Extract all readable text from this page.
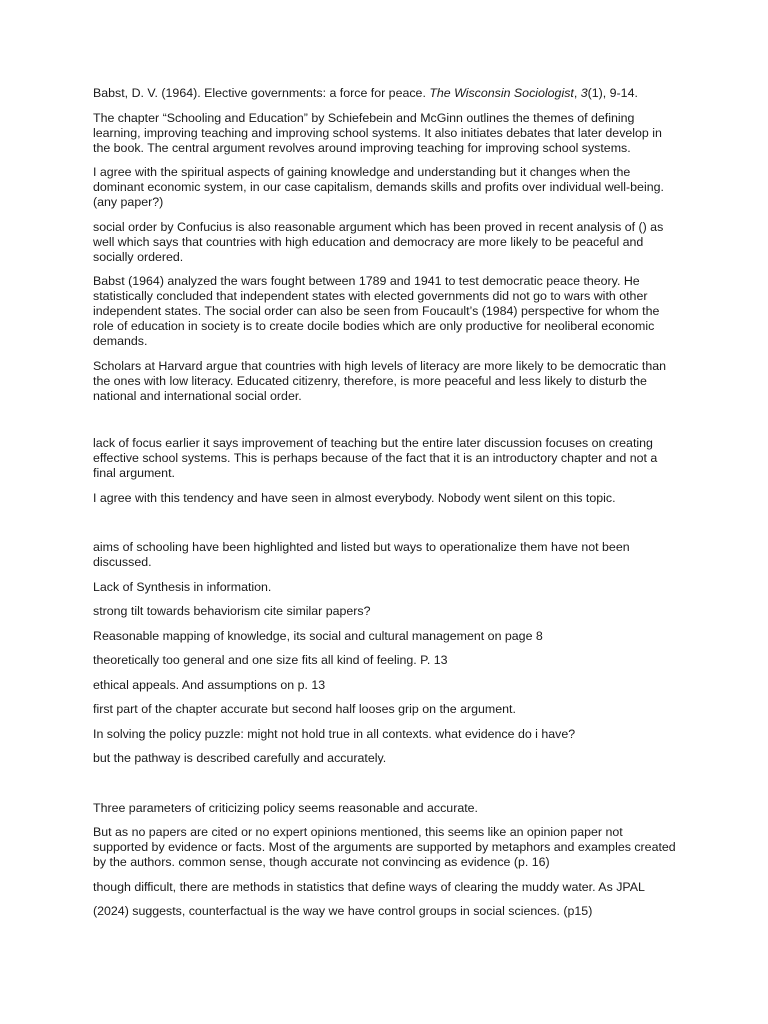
Babst, D. V. (1964). Elective governments: a force for peace. The Wisconsin Sociologist, 3(1), 9-14.

The chapter “Schooling and Education” by Schiefebein and McGinn outlines the themes of defining learning, improving teaching and improving school systems. It also initiates debates that later develop in the book. The central argument revolves around improving teaching for improving school systems.

I agree with the spiritual aspects of gaining knowledge and understanding but it changes when the dominant economic system, in our case capitalism, demands skills and profits over individual well-being. (any paper?)

social order by Confucius is also reasonable argument which has been proved in recent analysis of () as well which says that countries with high education and democracy are more likely to be peaceful and socially ordered.

Babst (1964) analyzed the wars fought between 1789 and 1941 to test democratic peace theory. He statistically concluded that independent states with elected governments did not go to wars with other independent states. The social order can also be seen from Foucault’s (1984) perspective for whom the role of education in society is to create docile bodies which are only productive for neoliberal economic demands.

Scholars at Harvard argue that countries with high levels of literacy are more likely to be democratic than the ones with low literacy. Educated citizenry, therefore, is more peaceful and less likely to disturb the national and international social order.

lack of focus earlier it says improvement of teaching but the entire later discussion focuses on creating effective school systems. This is perhaps because of the fact that it is an introductory chapter and not a final argument.

I agree with this tendency and have seen in almost everybody. Nobody went silent on this topic.

aims of schooling have been highlighted and listed but ways to operationalize them have not been discussed.

Lack of Synthesis in information.

strong tilt towards behaviorism cite similar papers?

Reasonable mapping of knowledge, its social and cultural management on page 8

theoretically too general and one size fits all kind of feeling. P. 13

ethical appeals. And assumptions on p. 13

first part of the chapter accurate but second half looses grip on the argument.

In solving the policy puzzle: might not hold true in all contexts. what evidence do i have?

but the pathway is described carefully and accurately.

Three parameters of criticizing policy seems reasonable and accurate.

But as no papers are cited or no expert opinions mentioned, this seems like an opinion paper not supported by evidence or facts. Most of the arguments are supported by metaphors and examples created by the authors. common sense, though accurate not convincing as evidence (p. 16)

though difficult, there are methods in statistics that define ways of clearing the muddy water. As JPAL

(2024) suggests, counterfactual is the way we have control groups in social sciences. (p15)
